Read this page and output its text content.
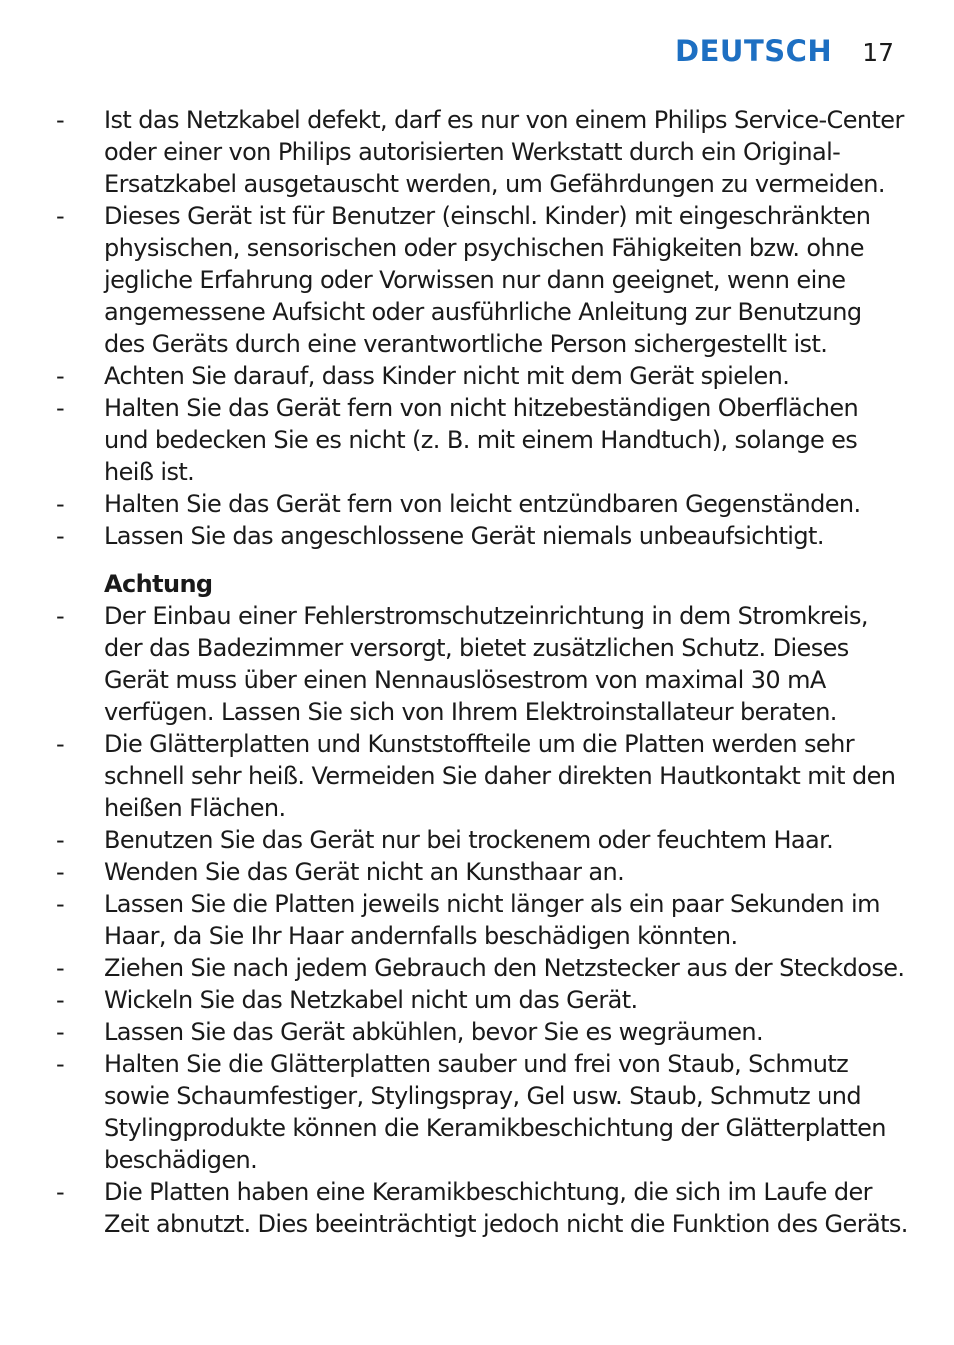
DEUTSCH 17
- Ist das Netzkabel defekt, darf es nur von einem Philips Service-Center oder einer von Philips autorisierten Werkstatt durch ein Original-Ersatzkabel ausgetauscht werden, um Gefährdungen zu vermeiden.
- Dieses Gerät ist für Benutzer (einschl. Kinder) mit eingeschränkten physischen, sensorischen oder psychischen Fähigkeiten bzw. ohne jegliche Erfahrung oder Vorwissen nur dann geeignet, wenn eine angemessene Aufsicht oder ausführliche Anleitung zur Benutzung des Geräts durch eine verantwortliche Person sichergestellt ist.
- Achten Sie darauf, dass Kinder nicht mit dem Gerät spielen.
- Halten Sie das Gerät fern von nicht hitzebeständigen Oberflächen und bedecken Sie es nicht (z. B. mit einem Handtuch), solange es heiß ist.
- Halten Sie das Gerät fern von leicht entzündbaren Gegenständen.
- Lassen Sie das angeschlossene Gerät niemals unbeaufsichtigt.
Achtung
- Der Einbau einer Fehlerstromschutzeinrichtung in dem Stromkreis, der das Badezimmer versorgt, bietet zusätzlichen Schutz. Dieses Gerät muss über einen Nennauslösestrom von maximal 30 mA verfügen. Lassen Sie sich von Ihrem Elektroinstallateur beraten.
- Die Glätterplatten und Kunststoffteile um die Platten werden sehr schnell sehr heiß. Vermeiden Sie daher direkten Hautkontakt mit den heißen Flächen.
- Benutzen Sie das Gerät nur bei trockenem oder feuchtem Haar.
- Wenden Sie das Gerät nicht an Kunsthaar an.
- Lassen Sie die Platten jeweils nicht länger als ein paar Sekunden im Haar, da Sie Ihr Haar andernfalls beschädigen könnten.
- Ziehen Sie nach jedem Gebrauch den Netzstecker aus der Steckdose.
- Wickeln Sie das Netzkabel nicht um das Gerät.
- Lassen Sie das Gerät abkühlen, bevor Sie es wegräumen.
- Halten Sie die Glätterplatten sauber und frei von Staub, Schmutz sowie Schaumfestiger, Stylingspray, Gel usw. Staub, Schmutz und Stylingprodukte können die Keramikbeschichtung der Glätterplatten beschädigen.
- Die Platten haben eine Keramikbeschichtung, die sich im Laufe der Zeit abnutzt. Dies beeinträchtigt jedoch nicht die Funktion des Geräts.
